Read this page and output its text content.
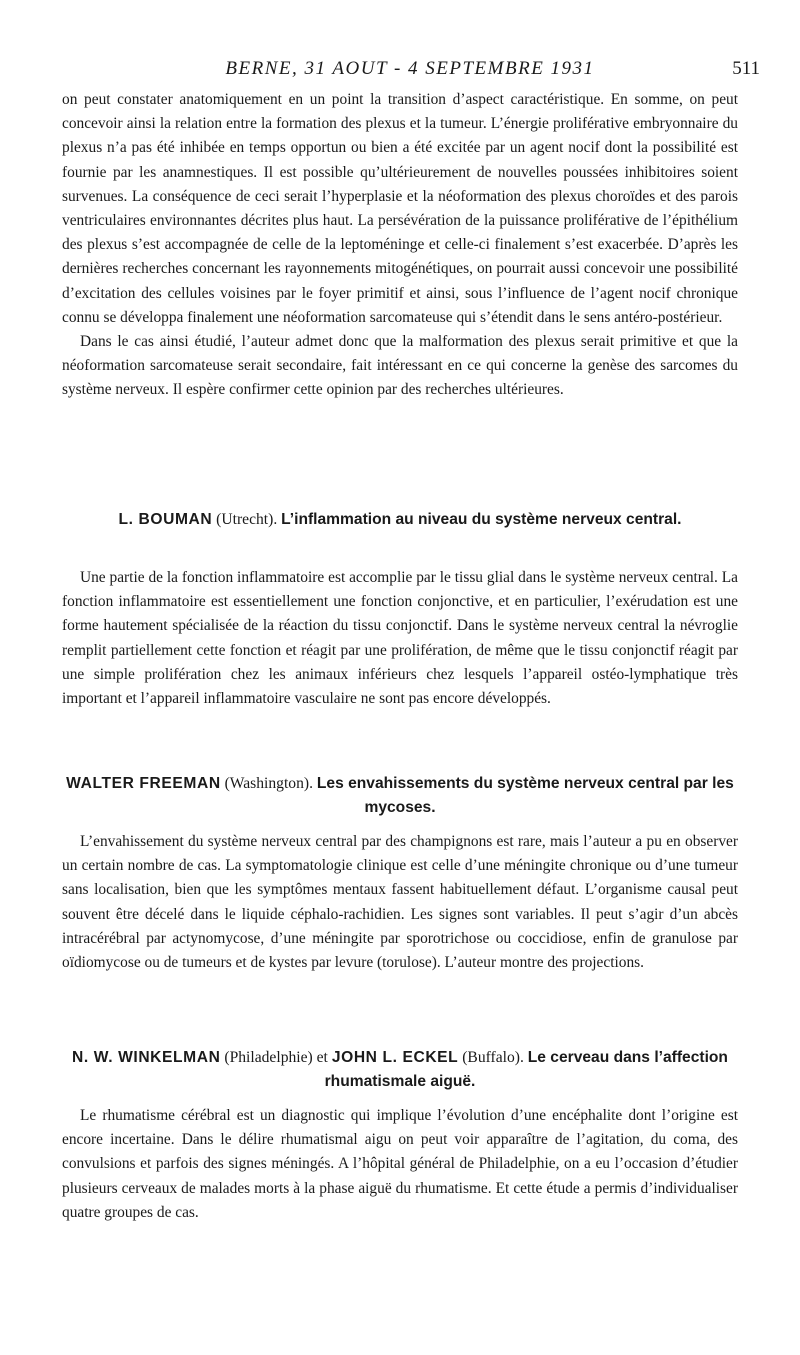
BERNE, 31 AOUT - 4 SEPTEMBRE 1931	511

on peut constater anatomiquement en un point la transition d’aspect caractéristique. En somme, on peut concevoir ainsi la relation entre la formation des plexus et la tumeur. L’énergie proliférative embryonnaire du plexus n’a pas été inhibée en temps opportun ou bien a été excitée par un agent nocif dont la possibilité est fournie par les anamnestiques. Il est possible qu’ultérieurement de nouvelles poussées inhibitoires soient survenues. La conséquence de ceci serait l’hyperplasie et la néoformation des plexus choroïdes et des parois ventriculaires environnantes décrites plus haut. La persévération de la puissance proliférative de l’épithélium des plexus s’est accompagnée de celle de la leptoméninge et celle-ci finalement s’est exacerbée. D’après les dernières recherches concernant les rayonnements mitogénétiques, on pourrait aussi concevoir une possibilité d’excitation des cellules voisines par le foyer primitif et ainsi, sous l’influence de l’agent nocif chronique connu se développa finalement une néoformation sarcomateuse qui s’étendit dans le sens antéro-postérieur.

Dans le cas ainsi étudié, l’auteur admet donc que la malformation des plexus serait primitive et que la néoformation sarcomateuse serait secondaire, fait intéressant en ce qui concerne la genèse des sarcomes du système nerveux. Il espère confirmer cette opinion par des recherches ultérieures.

L. BOUMAN (Utrecht). L’inflammation au niveau du système nerveux central.

Une partie de la fonction inflammatoire est accomplie par le tissu glial dans le système nerveux central. La fonction inflammatoire est essentiellement une fonction conjonctive, et en particulier, l’exérudation est une forme hautement spécialisée de la réaction du tissu conjonctif. Dans le système nerveux central la névroglie remplit partiellement cette fonction et réagit par une prolifération, de même que le tissu conjonctif réagit par une simple prolifération chez les animaux inférieurs chez lesquels l’appareil ostéo-lymphatique très important et l’appareil inflammatoire vasculaire ne sont pas encore développés.

WALTER FREEMAN (Washington). Les envahissements du système nerveux central par les mycoses.

L’envahissement du système nerveux central par des champignons est rare, mais l’auteur a pu en observer un certain nombre de cas. La symptomatologie clinique est celle d’une méningite chronique ou d’une tumeur sans localisation, bien que les symptômes mentaux fassent habituellement défaut. L’organisme causal peut souvent être décelé dans le liquide céphalo-rachidien. Les signes sont variables. Il peut s’agir d’un abcès intracérébral par actynomycose, d’une méningite par sporotrichose ou coccidiose, enfin de granulose par oïdiomycose ou de tumeurs et de kystes par levure (torulose). L’auteur montre des projections.

N. W. WINKELMAN (Philadelphie) et JOHN L. ECKEL (Buffalo). Le cerveau dans l’affection rhumatismale aiguë.

Le rhumatisme cérébral est un diagnostic qui implique l’évolution d’une encéphalite dont l’origine est encore incertaine. Dans le délire rhumatismal aigu on peut voir apparaître de l’agitation, du coma, des convulsions et parfois des signes méningés. A l’hôpital général de Philadelphie, on a eu l’occasion d’étudier plusieurs cerveaux de malades morts à la phase aiguë du rhumatisme. Et cette étude a permis d’individualiser quatre groupes de cas.
